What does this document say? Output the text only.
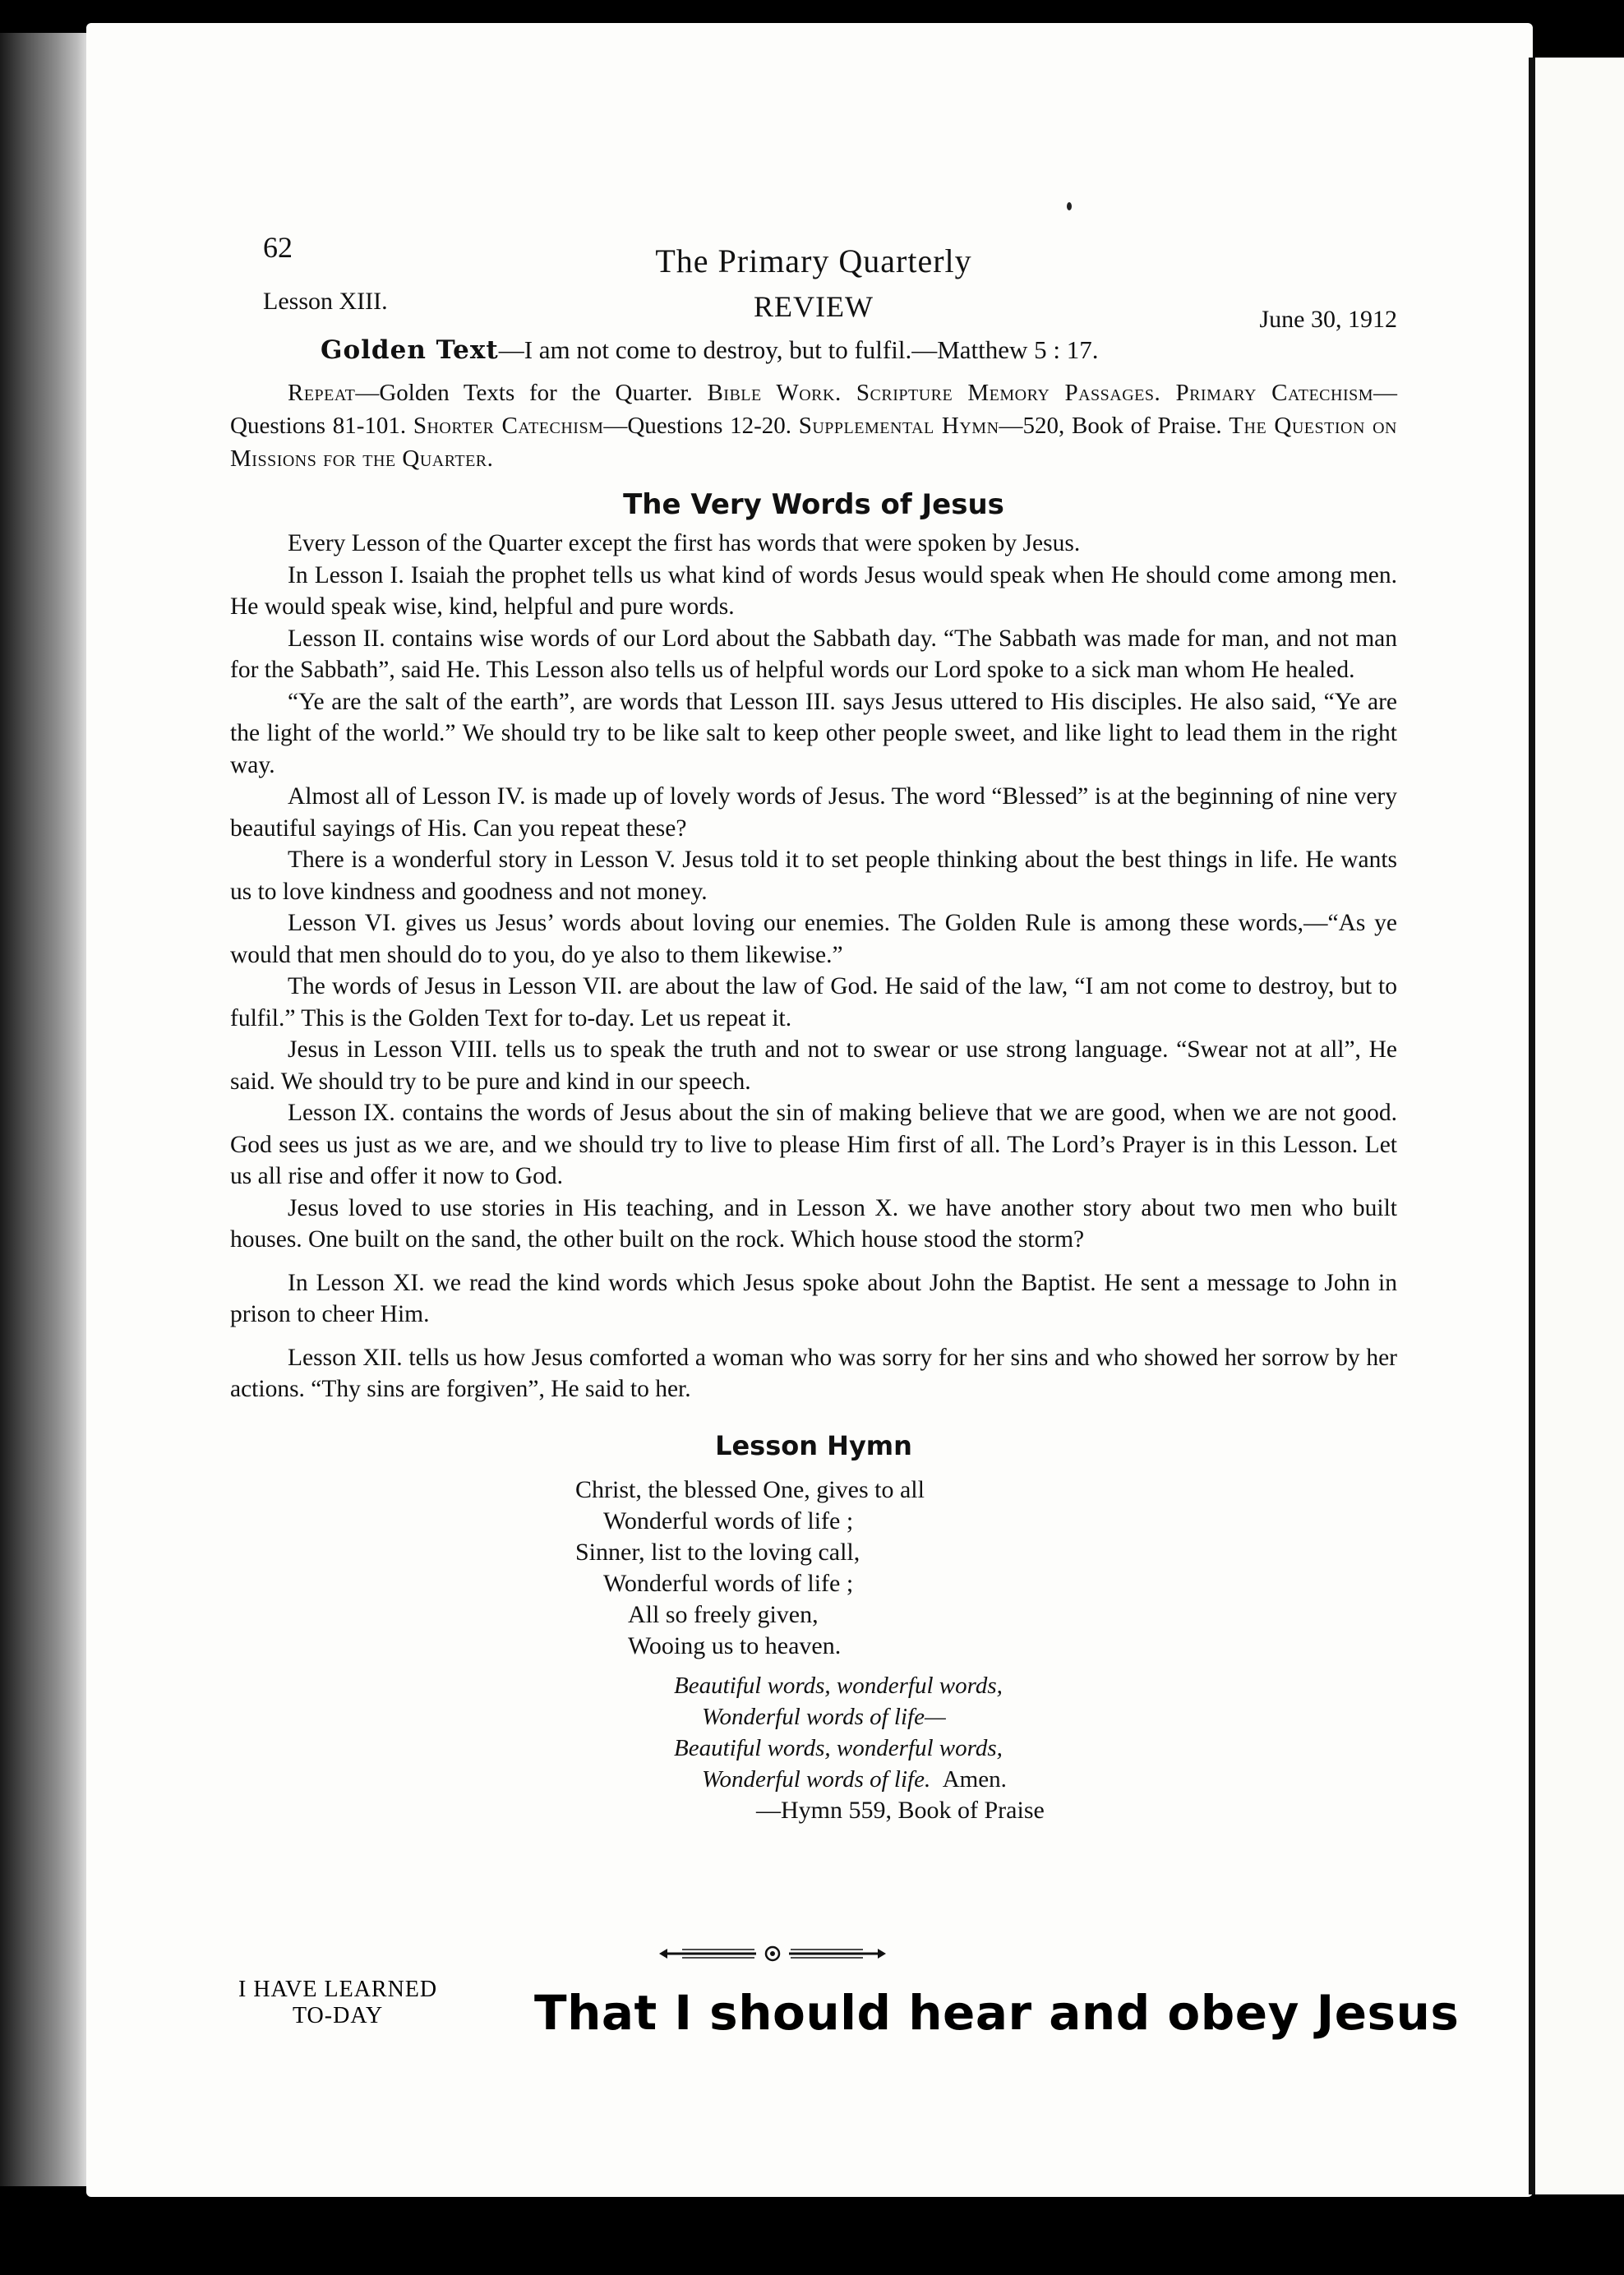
62	The Primary Quarterly
Lesson XIII.	REVIEW	June 30, 1912
Golden Text—I am not come to destroy, but to fulfil.—Matthew 5 : 17.
Repeat—Golden Texts for the Quarter. Bible Work. Scripture Memory Passages. Primary Catechism—Questions 81-101. Shorter Catechism—Questions 12-20. Supplemental Hymn—520, Book of Praise. The Question on Missions for the Quarter.
The Very Words of Jesus

Every Lesson of the Quarter except the first has words that were spoken by Jesus.

In Lesson I. Isaiah the prophet tells us what kind of words Jesus would speak when He should come among men. He would speak wise, kind, helpful and pure words.

Lesson II. contains wise words of our Lord about the Sabbath day. “The Sabbath was made for man, and not man for the Sabbath”, said He. This Lesson also tells us of helpful words our Lord spoke to a sick man whom He healed.

“Ye are the salt of the earth”, are words that Lesson III. says Jesus uttered to His disciples. He also said, “Ye are the light of the world.” We should try to be like salt to keep other people sweet, and like light to lead them in the right way.

Almost all of Lesson IV. is made up of lovely words of Jesus. The word “Blessed” is at the beginning of nine very beautiful sayings of His. Can you repeat these?

There is a wonderful story in Lesson V. Jesus told it to set people thinking about the best things in life. He wants us to love kindness and goodness and not money.

Lesson VI. gives us Jesus’ words about loving our enemies. The Golden Rule is among these words,—“As ye would that men should do to you, do ye also to them likewise.”

The words of Jesus in Lesson VII. are about the law of God. He said of the law, “I am not come to destroy, but to fulfil.” This is the Golden Text for to-day. Let us repeat it.

Jesus in Lesson VIII. tells us to speak the truth and not to swear or use strong language. “Swear not at all”, He said. We should try to be pure and kind in our speech.

Lesson IX. contains the words of Jesus about the sin of making believe that we are good, when we are not good. God sees us just as we are, and we should try to live to please Him first of all. The Lord’s Prayer is in this Lesson. Let us all rise and offer it now to God.

Jesus loved to use stories in His teaching, and in Lesson X. we have another story about two men who built houses. One built on the sand, the other built on the rock. Which house stood the storm?

In Lesson XI. we read the kind words which Jesus spoke about John the Baptist. He sent a message to John in prison to cheer Him.

Lesson XII. tells us how Jesus comforted a woman who was sorry for her sins and who showed her sorrow by her actions. “Thy sins are forgiven”, He said to her.

Lesson Hymn
Christ, the blessed One, gives to all
Wonderful words of life ;
Sinner, list to the loving call,
Wonderful words of life ;
All so freely given,
Wooing us to heaven.
Beautiful words, wonderful words,
Wonderful words of life—
Beautiful words, wonderful words,
Wonderful words of life. Amen.
—Hymn 559, Book of Praise
I HAVE LEARNED
TO-DAY	That I should hear and obey Jesus
